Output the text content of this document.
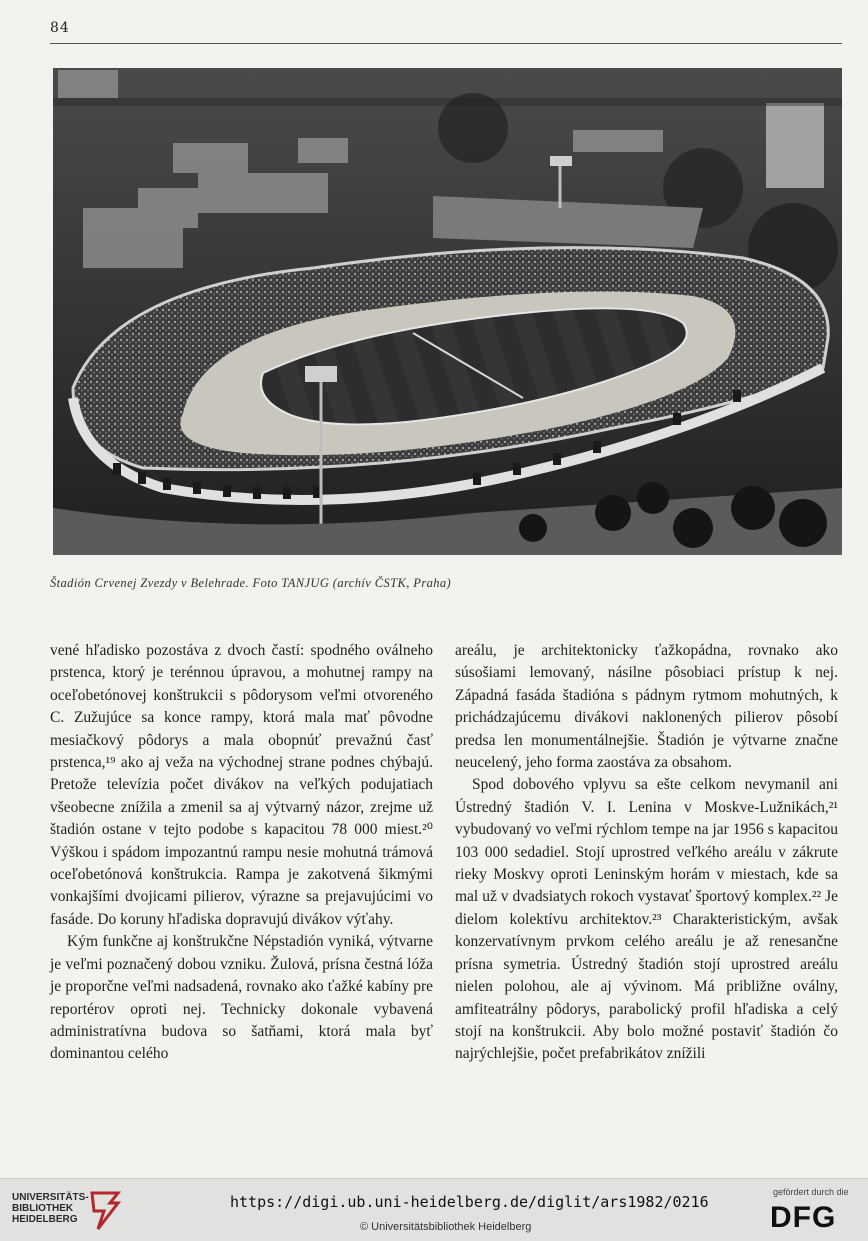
84
Štadión Crvenej Zvezdy v Belehrade. Foto TANJUG (archív ČSTK, Praha)

vené hľadisko pozostáva z dvoch častí: spodného oválneho prstenca, ktorý je terénnou úpravou, a mohutnej rampy na oceľobetónovej konštrukcii s pôdorysom veľmi otvoreného C. Zužujúce sa konce rampy, ktorá mala mať pôvodne mesiačkový pôdorys a mala obopnúť prevažnú časť prstenca,¹⁹ ako aj veža na východnej strane podnes chýbajú. Pretože televízia počet divákov na veľkých podujatiach všeobecne znížila a zmenil sa aj výtvarný názor, zrejme už štadión ostane v tejto podobe s kapacitou 78 000 miest.²⁰ Výškou i spádom impozantnú rampu nesie mohutná trámová oceľobetónová konštrukcia. Rampa je zakotvená šikmými vonkajšími dvojicami pilierov, výrazne sa prejavujúcimi vo fasáde. Do koruny hľadiska dopravujú divákov výťahy.

Kým funkčne aj konštrukčne Népstadión vyniká, výtvarne je veľmi poznačený dobou vzniku. Žulová, prísna čestná lóža je proporčne veľmi nadsadená, rovnako ako ťažké kabíny pre reportérov oproti nej. Technicky dokonale vybavená administratívna budova so šatňami, ktorá mala byť dominantou celého

areálu, je architektonicky ťažkopádna, rovnako ako súsošiami lemovaný, násilne pôsobiaci prístup k nej. Západná fasáda štadióna s pádnym rytmom mohutných, k prichádzajúcemu divákovi naklonených pilierov pôsobí predsa len monumentálnejšie. Štadión je výtvarne značne neucelený, jeho forma zaostáva za obsahom.

Spod dobového vplyvu sa ešte celkom nevymanil ani Ústredný štadión V. I. Lenina v Moskve-Lužnikách,²¹ vybudovaný vo veľmi rýchlom tempe na jar 1956 s kapacitou 103 000 sedadiel. Stojí uprostred veľkého areálu v zákrute rieky Moskvy oproti Leninským horám v miestach, kde sa mal už v dvadsiatych rokoch vystavať športový komplex.²² Je dielom kolektívu architektov.²³ Charakteristickým, avšak konzervatívnym prvkom celého areálu je až renesančne prísna symetria. Ústredný štadión stojí uprostred areálu nielen polohou, ale aj vývinom. Má približne oválny, amfiteatrálny pôdorys, parabolický profil hľadiska a celý stojí na konštrukcii. Aby bolo možné postaviť štadión čo najrýchlejšie, počet prefabrikátov znížili

UNIVERSITÄTS-
BIBLIOTHEK
HEIDELBERG
https://digi.ub.uni-heidelberg.de/diglit/ars1982/0216
© Universitätsbibliothek Heidelberg
gefördert durch die
DFG
